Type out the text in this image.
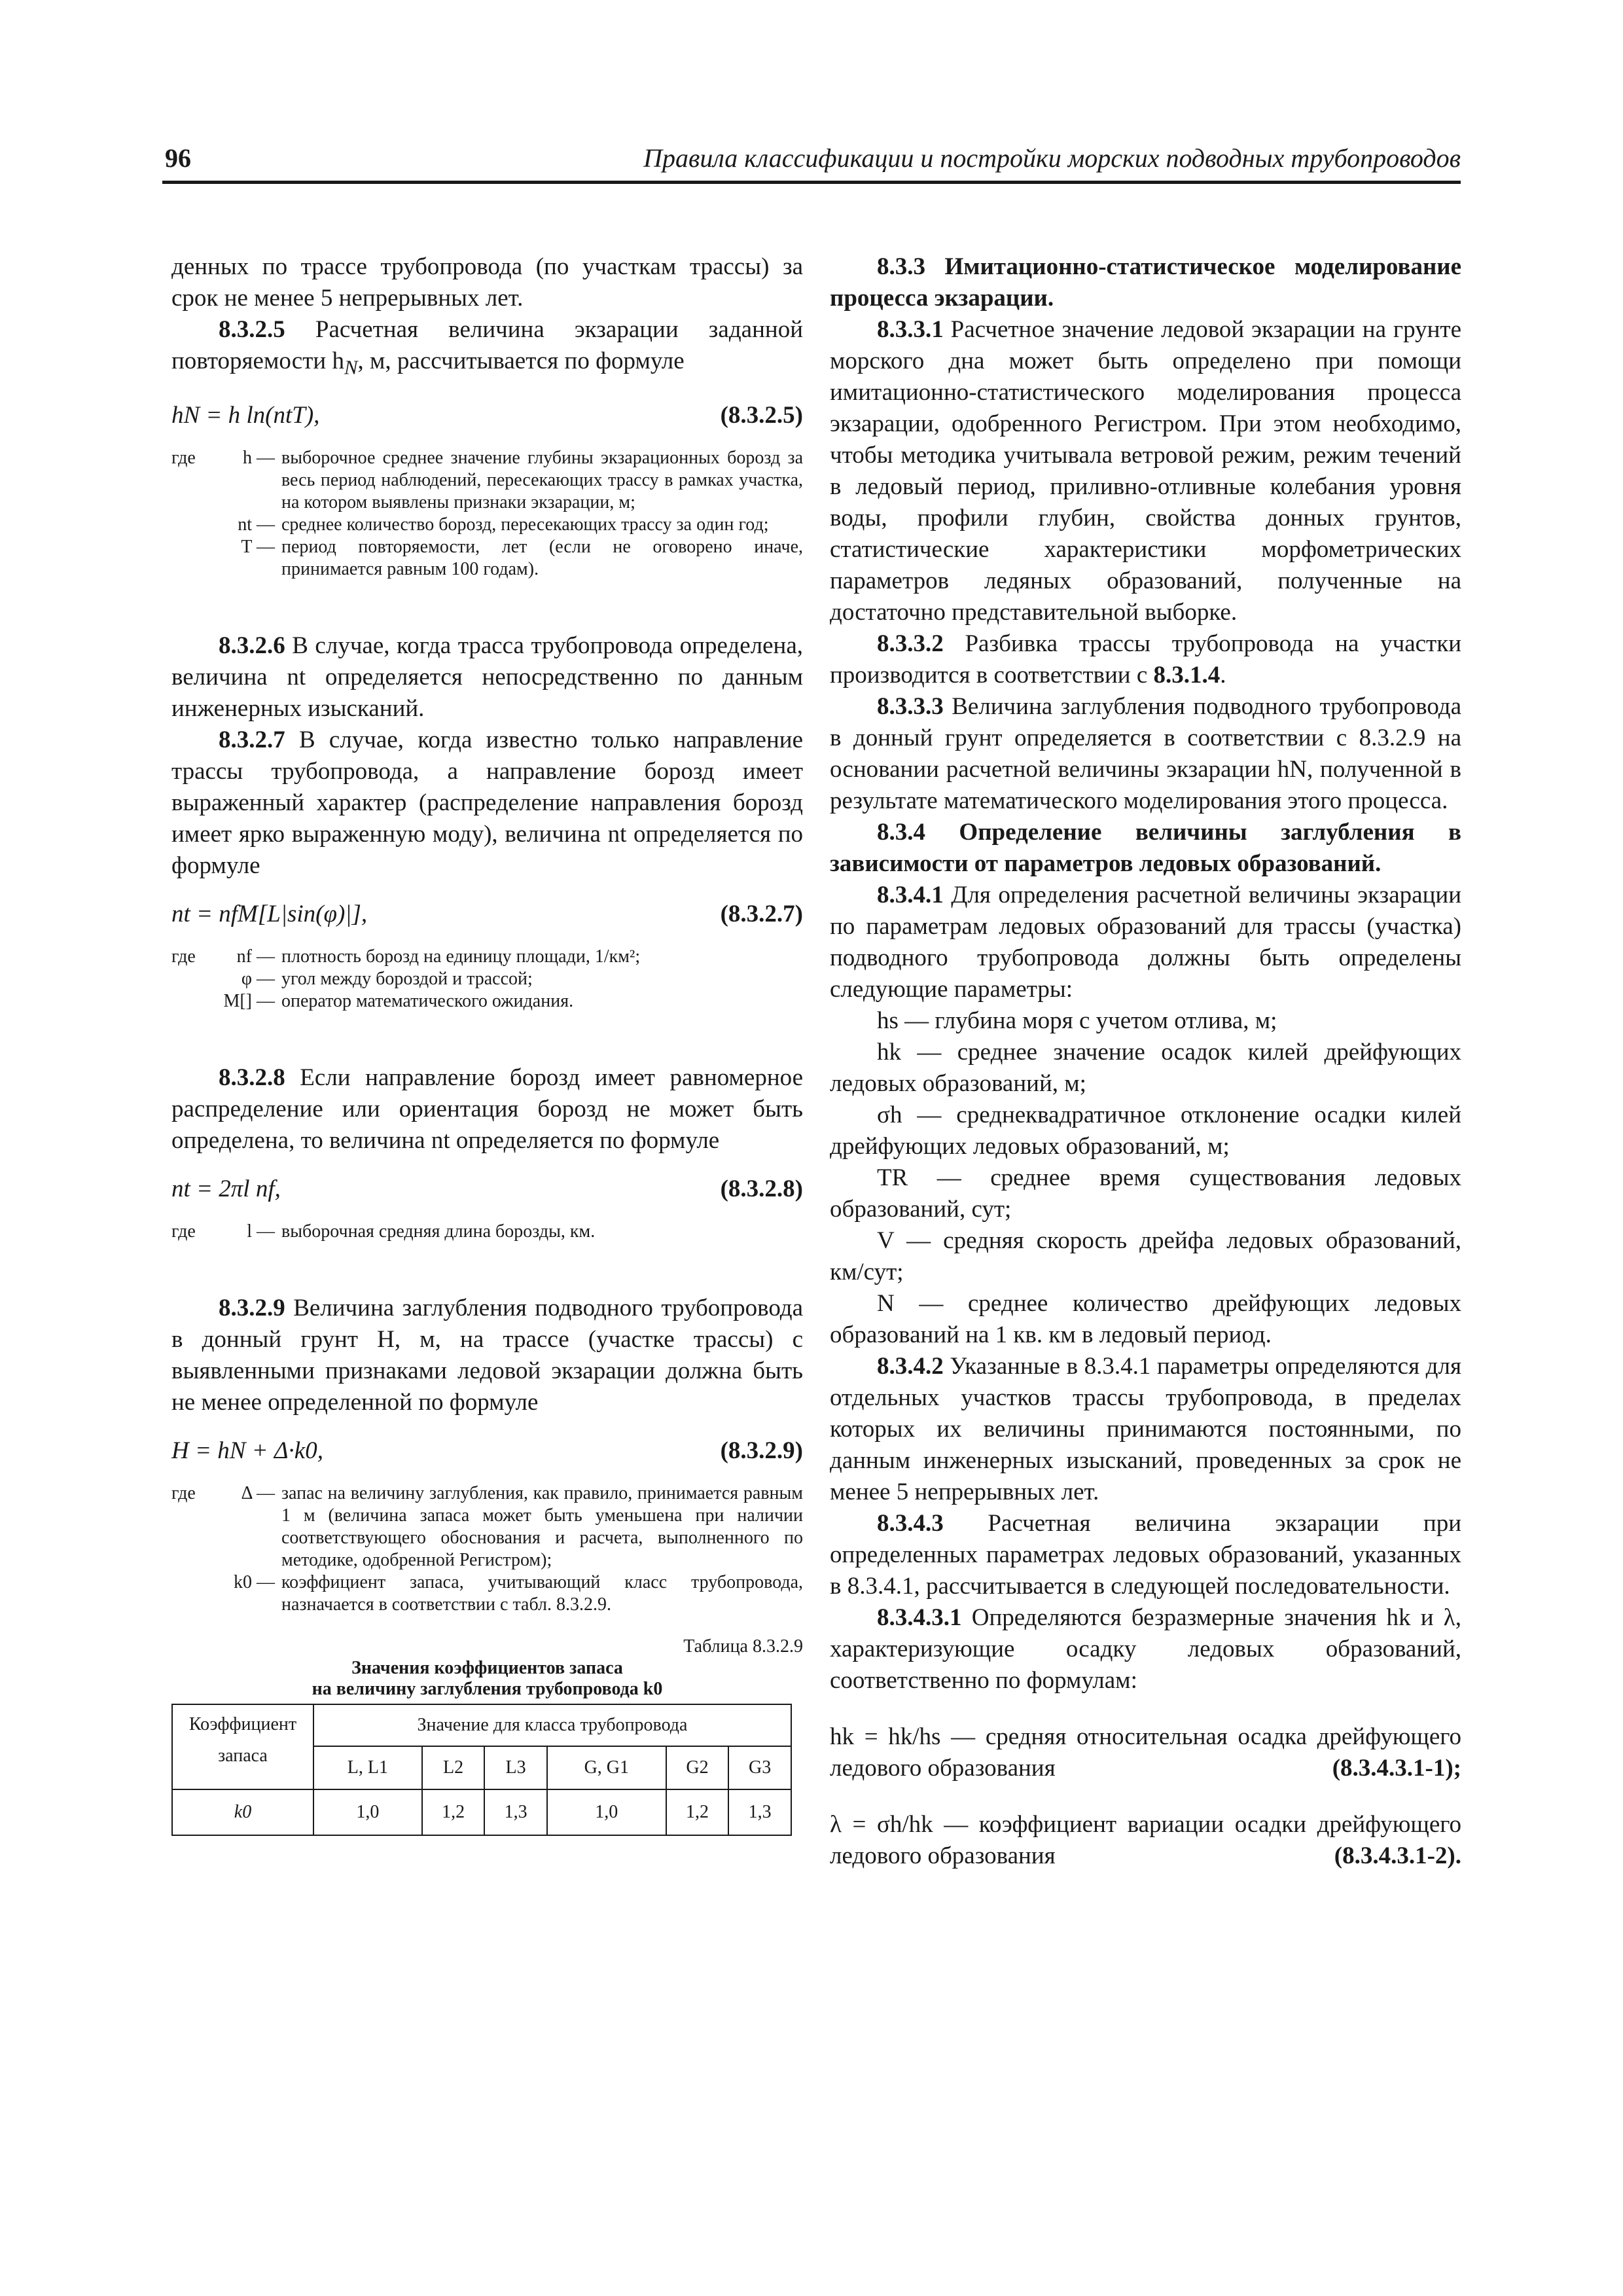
96	Правила классификации и постройки морских подводных трубопроводов

денных по трассе трубопровода (по участкам трассы) за срок не менее 5 непрерывных лет.

8.3.2.5 Расчетная величина экзарации заданной повторяемости $h_N$, м, рассчитывается по формуле

hN = h ln(ntT),	(8.3.2.5)
где	h — выборочное среднее значение глубины экзарационных борозд за весь период наблюдений, пересекающих трассу в рамках участка, на котором выявлены признаки экзарации, м;
nt — среднее количество борозд, пересекающих трассу за один год;
T — период повторяемости, лет (если не оговорено иначе, принимается равным 100 годам).

8.3.2.6 В случае, когда трасса трубопровода определена, величина nt определяется непосредственно по данным инженерных изысканий.

8.3.2.7 В случае, когда известно только направление трассы трубопровода, а направление борозд имеет выраженный характер (распределение направления борозд имеет ярко выраженную моду), величина nt определяется по формуле

nt = nfM[L|sin(φ)|],	(8.3.2.7)
где nf — плотность борозд на единицу площади, 1/км²;
φ — угол между бороздой и трассой;
M[] — оператор математического ожидания.

8.3.2.8 Если направление борозд имеет равномерное распределение или ориентация борозд не может быть определена, то величина nt определяется по формуле

nt = 2πl nf,	(8.3.2.8)
где	l — выборочная средняя длина борозды, км.

8.3.2.9 Величина заглубления подводного трубопровода в донный грунт H, м, на трассе (участке трассы) с выявленными признаками ледовой экзарации должна быть не менее определенной по формуле

H = hN + Δ·k0,	(8.3.2.9)
где Δ — запас на величину заглубления, как правило, принимается равным 1 м (величина запаса может быть уменьшена при наличии соответствующего обоснования и расчета, выполненного по методике, одобренной Регистром);
k0 — коэффициент запаса, учитывающий класс трубопровода, назначается в соответствии с табл. 8.3.2.9.
Таблица 8.3.2.9
Значения коэффициентов запаса
на величину заглубления трубопровода k0
Коэффициент запаса	Значение для класса трубопровода					
	L, L1	L2	L3	G, G1	G2	G3
k0	1,0	1,2	1,3	1,0	1,2	1,3

8.3.3 Имитационно-статистическое моделирование процесса экзарации.

8.3.3.1 Расчетное значение ледовой экзарации на грунте морского дна может быть определено при помощи имитационно-статистического моделирования процесса экзарации, одобренного Регистром. При этом необходимо, чтобы методика учитывала ветровой режим, режим течений в ледовый период, приливно-отливные колебания уровня воды, профили глубин, свойства донных грунтов, статистические характеристики морфометрических параметров ледяных образований, полученные на достаточно представительной выборке.

8.3.3.2 Разбивка трассы трубопровода на участки производится в соответствии с 8.3.1.4.

8.3.3.3 Величина заглубления подводного трубопровода в донный грунт определяется в соответствии с 8.3.2.9 на основании расчетной величины экзарации hN, полученной в результате математического моделирования этого процесса.

8.3.4 Определение величины заглубления в зависимости от параметров ледовых образований.

8.3.4.1 Для определения расчетной величины экзарации по параметрам ледовых образований для трассы (участка) подводного трубопровода должны быть определены следующие параметры:

hs — глубина моря с учетом отлива, м;

hk — среднее значение осадок килей дрейфующих ледовых образований, м;

σh — среднеквадратичное отклонение осадки килей дрейфующих ледовых образований, м;

TR — среднее время существования ледовых образований, сут;

V — средняя скорость дрейфа ледовых образований, км/сут;

N — среднее количество дрейфующих ледовых образований на 1 кв. км в ледовый период.

8.3.4.2 Указанные в 8.3.4.1 параметры определяются для отдельных участков трассы трубопровода, в пределах которых их величины принимаются постоянными, по данным инженерных изысканий, проведенных за срок не менее 5 непрерывных лет.

8.3.4.3 Расчетная величина экзарации при определенных параметрах ледовых образований, указанных в 8.3.4.1, рассчитывается в следующей последовательности.

8.3.4.3.1 Определяются безразмерные значения hk и λ, характеризующие осадку ледовых образований, соответственно по формулам:

hk = hk/hs — средняя относительная осадка дрейфующего ледового образования	(8.3.4.3.1-1);

λ = σh/hk — коэффициент вариации осадки дрейфующего ледового образования	(8.3.4.3.1-2).
